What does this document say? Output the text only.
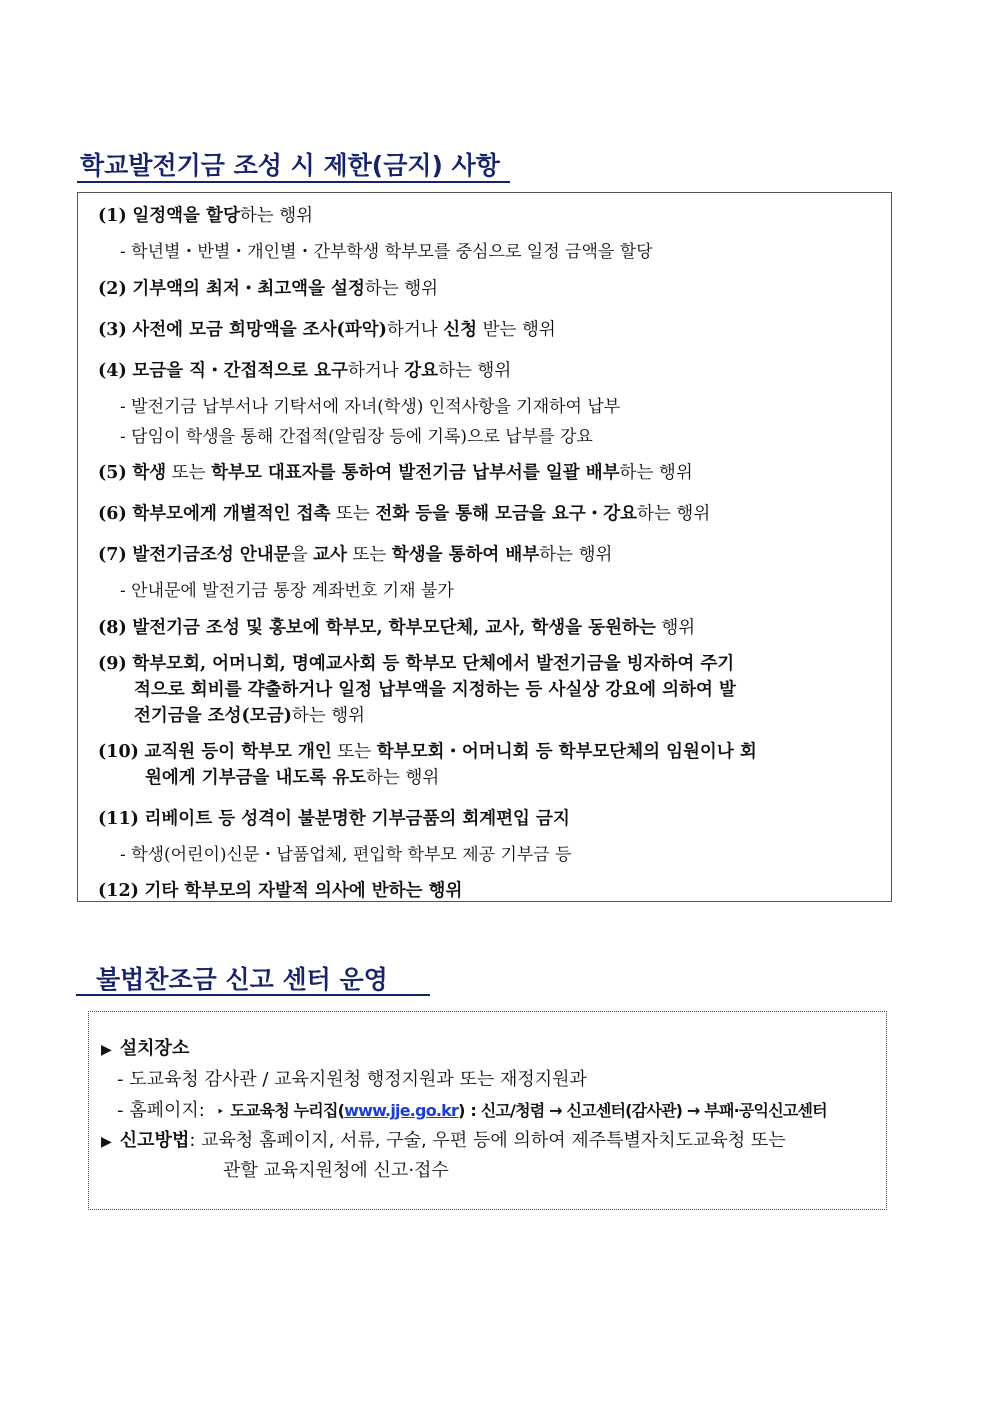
학교발전기금 조성 시 제한(금지) 사항
(1) 일정액을 할당하는 행위
- 학년별・반별・개인별・간부학생 학부모를 중심으로 일정 금액을 할당
(2) 기부액의 최저・최고액을 설정하는 행위
(3) 사전에 모금 희망액을 조사(파악)하거나 신청 받는 행위
(4) 모금을 직・간접적으로 요구하거나 강요하는 행위
- 발전기금 납부서나 기탁서에 자녀(학생) 인적사항을 기재하여 납부
- 담임이 학생을 통해 간접적(알림장 등에 기록)으로 납부를 강요
(5) 학생 또는 학부모 대표자를 통하여 발전기금 납부서를 일괄 배부하는 행위
(6) 학부모에게 개별적인 접촉 또는 전화 등을 통해 모금을 요구・강요하는 행위
(7) 발전기금조성 안내문을 교사 또는 학생을 통하여 배부하는 행위
- 안내문에 발전기금 통장 계좌번호 기재 불가
(8) 발전기금 조성 및 홍보에 학부모, 학부모단체, 교사, 학생을 동원하는 행위
(9) 학부모회, 어머니회, 명예교사회 등 학부모 단체에서 발전기금을 빙자하여 주기
적으로 회비를 갹출하거나 일정 납부액을 지정하는 등 사실상 강요에 의하여 발
전기금을 조성(모금)하는 행위
(10) 교직원 등이 학부모 개인 또는 학부모회・어머니회 등 학부모단체의 임원이나 회
원에게 기부금을 내도록 유도하는 행위
(11) 리베이트 등 성격이 불분명한 기부금품의 회계편입 금지
- 학생(어린이)신문・납품업체, 편입학 학부모 제공 기부금 등
(12) 기타 학부모의 자발적 의사에 반하는 행위
불법찬조금 신고 센터 운영
▶ 설치장소
- 도교육청 감사관 / 교육지원청 행정지원과 또는 재정지원과
- 홈페이지: ‣ 도교육청 누리집(www.jje.go.kr) : 신고/청렴 → 신고센터(감사관) → 부패·공익신고센터
▶ 신고방법: 교육청 홈페이지, 서류, 구술, 우편 등에 의하여 제주특별자치도교육청 또는
관할 교육지원청에 신고·접수
